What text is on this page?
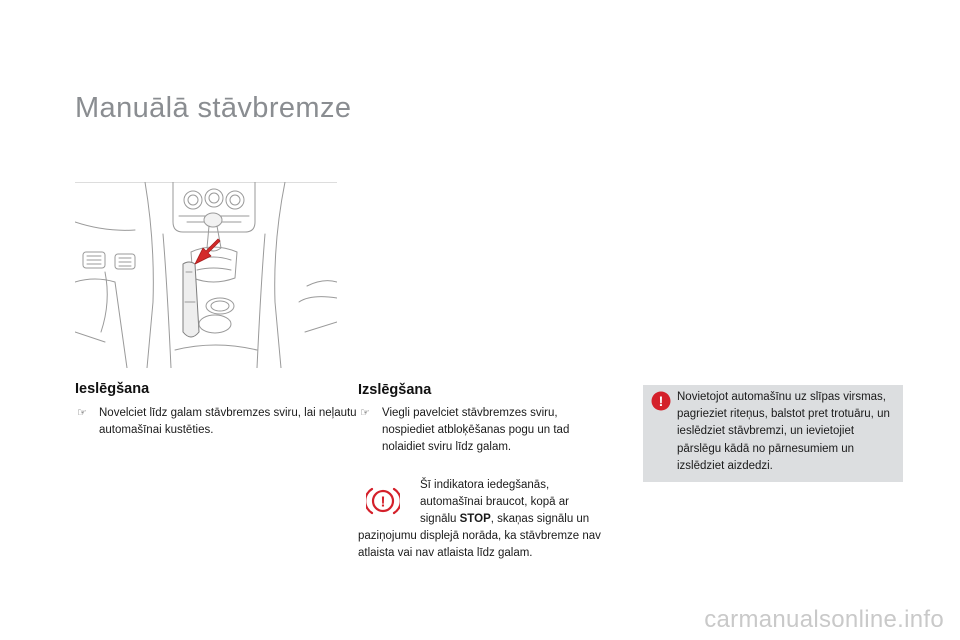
Manuālā stāvbremze
Ieslēgšana
☞ Novelciet līdz galam stāvbremzes sviru, lai neļautu automašīnai kustēties.
Izslēgšana
☞ Viegli pavelciet stāvbremzes sviru, nospiediet atbloķēšanas pogu un tad nolaidiet sviru līdz galam.
!
Šī indikatora iedegšanās, automašīnai braucot, kopā ar signālu STOP, skaņas signālu un paziņojumu displejā norāda, ka stāvbremze nav atlaista vai nav atlaista līdz galam.
! Novietojot automašīnu uz slīpas virsmas, pagrieziet riteņus, balstot pret trotuāru, un ieslēdziet stāvbremzi, un ievietojiet pārslēgu kādā no pārnesumiem un izslēdziet aizdedzi.

carmanualsonline.info
